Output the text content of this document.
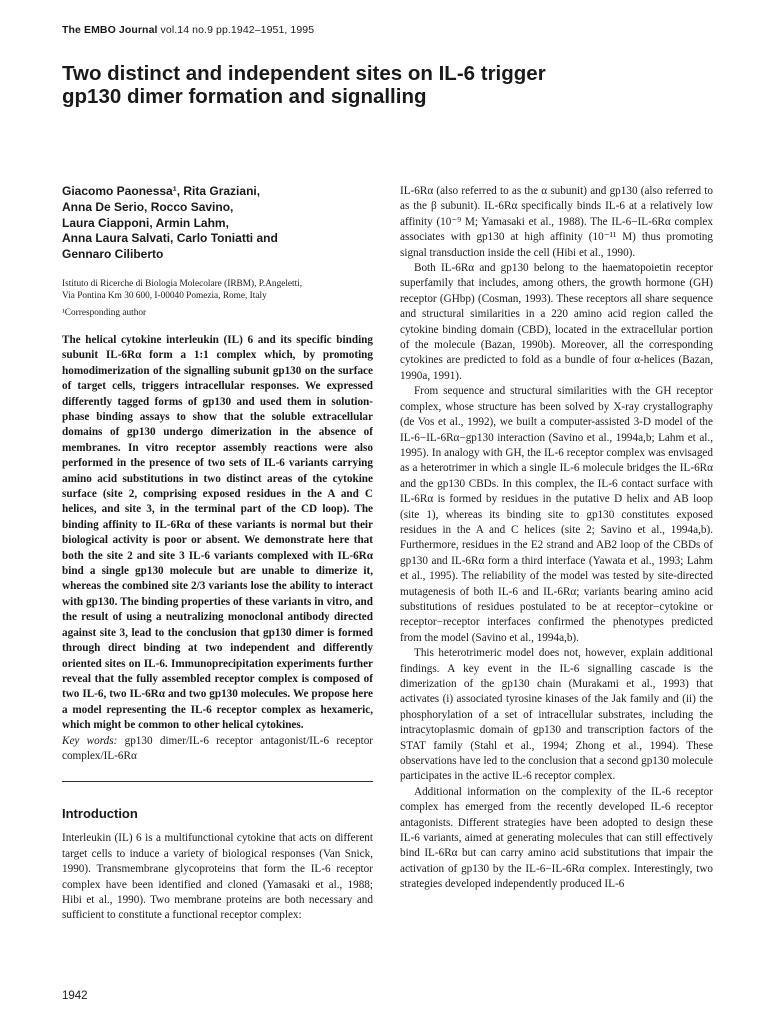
The EMBO Journal vol.14 no.9 pp.1942–1951, 1995
Two distinct and independent sites on IL-6 trigger
gp130 dimer formation and signalling
Giacomo Paonessa¹, Rita Graziani,
Anna De Serio, Rocco Savino,
Laura Ciapponi, Armin Lahm,
Anna Laura Salvati, Carlo Toniatti and
Gennaro Ciliberto
Istituto di Ricerche di Biologia Molecolare (IRBM), P.Angeletti,
Via Pontina Km 30 600, I-00040 Pomezia, Rome, Italy
¹Corresponding author

The helical cytokine interleukin (IL) 6 and its specific binding subunit IL-6Rα form a 1:1 complex which, by promoting homodimerization of the signalling subunit gp130 on the surface of target cells, triggers intracellular responses. We expressed differently tagged forms of gp130 and used them in solution-phase binding assays to show that the soluble extracellular domains of gp130 undergo dimerization in the absence of membranes. In vitro receptor assembly reactions were also performed in the presence of two sets of IL-6 variants carrying amino acid substitutions in two distinct areas of the cytokine surface (site 2, comprising exposed residues in the A and C helices, and site 3, in the terminal part of the CD loop). The binding affinity to IL-6Rα of these variants is normal but their biological activity is poor or absent. We demonstrate here that both the site 2 and site 3 IL-6 variants complexed with IL-6Rα bind a single gp130 molecule but are unable to dimerize it, whereas the combined site 2/3 variants lose the ability to interact with gp130. The binding properties of these variants in vitro, and the result of using a neutralizing monoclonal antibody directed against site 3, lead to the conclusion that gp130 dimer is formed through direct binding at two independent and differently oriented sites on IL-6. Immunoprecipitation experiments further reveal that the fully assembled receptor complex is composed of two IL-6, two IL-6Rα and two gp130 molecules. We propose here a model representing the IL-6 receptor complex as hexameric, which might be common to other helical cytokines.

Key words: gp130 dimer/IL-6 receptor antagonist/IL-6 receptor complex/IL-6Rα

Introduction

Interleukin (IL) 6 is a multifunctional cytokine that acts on different target cells to induce a variety of biological responses (Van Snick, 1990). Transmembrane glycoproteins that form the IL-6 receptor complex have been identified and cloned (Yamasaki et al., 1988; Hibi et al., 1990). Two membrane proteins are both necessary and sufficient to constitute a functional receptor complex:

IL-6Rα (also referred to as the α subunit) and gp130 (also referred to as the β subunit). IL-6Rα specifically binds IL-6 at a relatively low affinity (10⁻⁹ M; Yamasaki et al., 1988). The IL-6−IL-6Rα complex associates with gp130 at high affinity (10⁻¹¹ M) thus promoting signal transduction inside the cell (Hibi et al., 1990).

Both IL-6Rα and gp130 belong to the haematopoietin receptor superfamily that includes, among others, the growth hormone (GH) receptor (GHbp) (Cosman, 1993). These receptors all share sequence and structural similarities in a 220 amino acid region called the cytokine binding domain (CBD), located in the extracellular portion of the molecule (Bazan, 1990b). Moreover, all the corresponding cytokines are predicted to fold as a bundle of four α-helices (Bazan, 1990a, 1991).

From sequence and structural similarities with the GH receptor complex, whose structure has been solved by X-ray crystallography (de Vos et al., 1992), we built a computer-assisted 3-D model of the IL-6−IL-6Rα−gp130 interaction (Savino et al., 1994a,b; Lahm et al., 1995). In analogy with GH, the IL-6 receptor complex was envisaged as a heterotrimer in which a single IL-6 molecule bridges the IL-6Rα and the gp130 CBDs. In this complex, the IL-6 contact surface with IL-6Rα is formed by residues in the putative D helix and AB loop (site 1), whereas its binding site to gp130 constitutes exposed residues in the A and C helices (site 2; Savino et al., 1994a,b). Furthermore, residues in the E2 strand and AB2 loop of the CBDs of gp130 and IL-6Rα form a third interface (Yawata et al., 1993; Lahm et al., 1995). The reliability of the model was tested by site-directed mutagenesis of both IL-6 and IL-6Rα; variants bearing amino acid substitutions of residues postulated to be at receptor−cytokine or receptor−receptor interfaces confirmed the phenotypes predicted from the model (Savino et al., 1994a,b).

This heterotrimeric model does not, however, explain additional findings. A key event in the IL-6 signalling cascade is the dimerization of the gp130 chain (Murakami et al., 1993) that activates (i) associated tyrosine kinases of the Jak family and (ii) the phosphorylation of a set of intracellular substrates, including the intracytoplasmic domain of gp130 and transcription factors of the STAT family (Stahl et al., 1994; Zhong et al., 1994). These observations have led to the conclusion that a second gp130 molecule participates in the active IL-6 receptor complex.

Additional information on the complexity of the IL-6 receptor complex has emerged from the recently developed IL-6 receptor antagonists. Different strategies have been adopted to design these IL-6 variants, aimed at generating molecules that can still effectively bind IL-6Rα but can carry amino acid substitutions that impair the activation of gp130 by the IL-6−IL-6Rα complex. Interestingly, two strategies developed independently produced IL-6

1942
